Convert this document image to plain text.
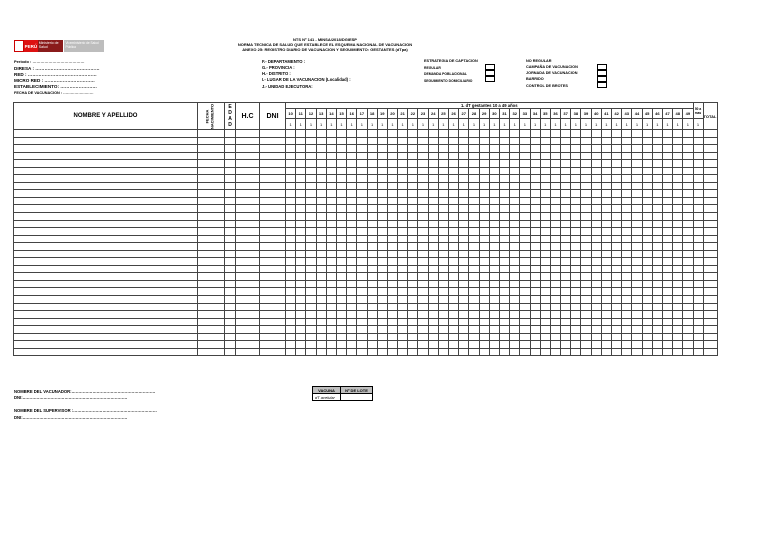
PERÚ
Ministerio de Salud
Viceministerio de Salud Pública
NTS Nº 141 - MINSA/2018/DGIESP
NORMA TECNICA DE SALUD QUE ESTABLECE EL ESQUEMA NACIONAL DE VACUNACION
ANEXO 25: REGISTRO DIARIO DE VACUNACION Y SEGUIMIENTO: GESTANTES (dTpa)
Periodo : …………………………………
DIRESA : ……………………………………
RED : ………………………………………
MICRO RED : ……………………………
ESTABLECIMIENTO: ……………………
FECHA DE VACUNACION : ……………………
F.- DEPARTAMENTO :
G.- PROVINCIA :
H.- DISTRITO :
I.- LUGAR DE LA VACUNACION (Localidad) :
J.- UNIDAD EJECUTORA:
ESTRATEGIA DE CAPTACION
REGULAR
DEMANDA POBLACIONAL
SEGUIMIENTO DOMICILIARIO
NO REGULAR
CAMPAÑA DE VACUNACION
JORNADA DE VACUNACION
BARRIDO
CONTROL DE BROTES
NOMBRE Y APELLIDO	FECHA NACIMIENTO	E D A D	H.C	DNI	1. dT gestantes 10 a 49 años																																								50 a mas	TOTAL
					10	11	12	13	14	15	16	17	18	19	20	21	22	23	24	25	26	27	28	29	30	31	32	33	34	35	36	37	38	39	40	41	42	43	44	45	46	47	48	49		
					1	1	1	1	1	1	1	1	1	1	1	1	1	1	1	1	1	1	1	1	1	1	1	1	1	1	1	1	1	1	1	1	1	1	1	1	1	1	1	1	1	

NOMBRE DEL VACUNADOR:……………………………………………………
DNI:…………………………………………………………………
NOMBRE DEL SUPERVISOR :……………………………………………………
DNI:…………………………………………………………………
VACUNA	Nº DE LOTE
dT acelular	
